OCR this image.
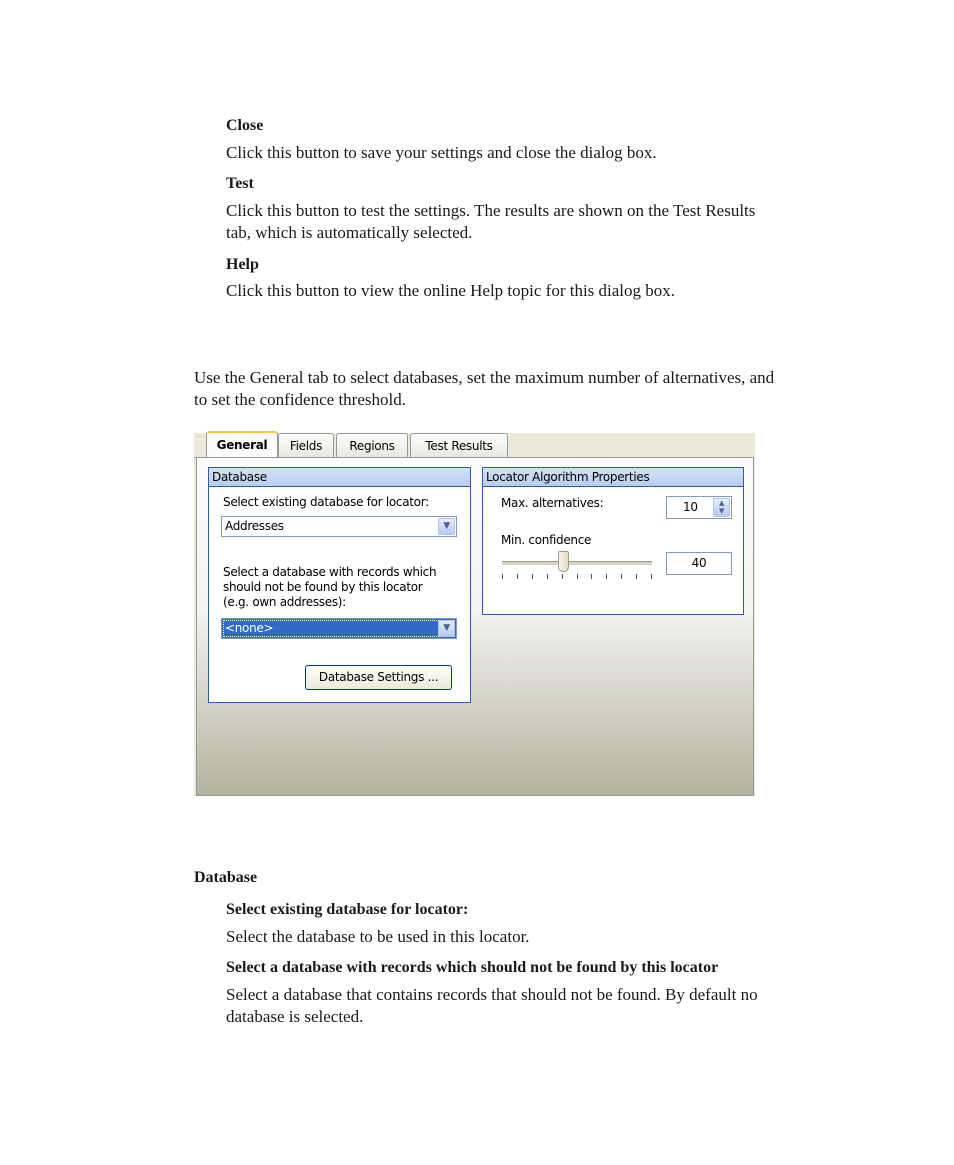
Close
Click this button to save your settings and close the dialog box.
Test
Click this button to test the settings. The results are shown on the Test Results
tab, which is automatically selected.
Help
Click this button to view the online Help topic for this dialog box.
Use the General tab to select databases, set the maximum number of alternatives, and
to set the confidence threshold.
General	Fields	Regions	Test Results
Database
Select existing database for locator:
Addresses	▼
Select a database with records which
should not be found by this locator
(e.g. own addresses):
<none>	▼
Database Settings ...
Locator Algorithm Properties
Max. alternatives:	10	▲
▼
Min. confidence
40
Database
Select existing database for locator:
Select the database to be used in this locator.
Select a database with records which should not be found by this locator
Select a database that contains records that should not be found. By default no
database is selected.
